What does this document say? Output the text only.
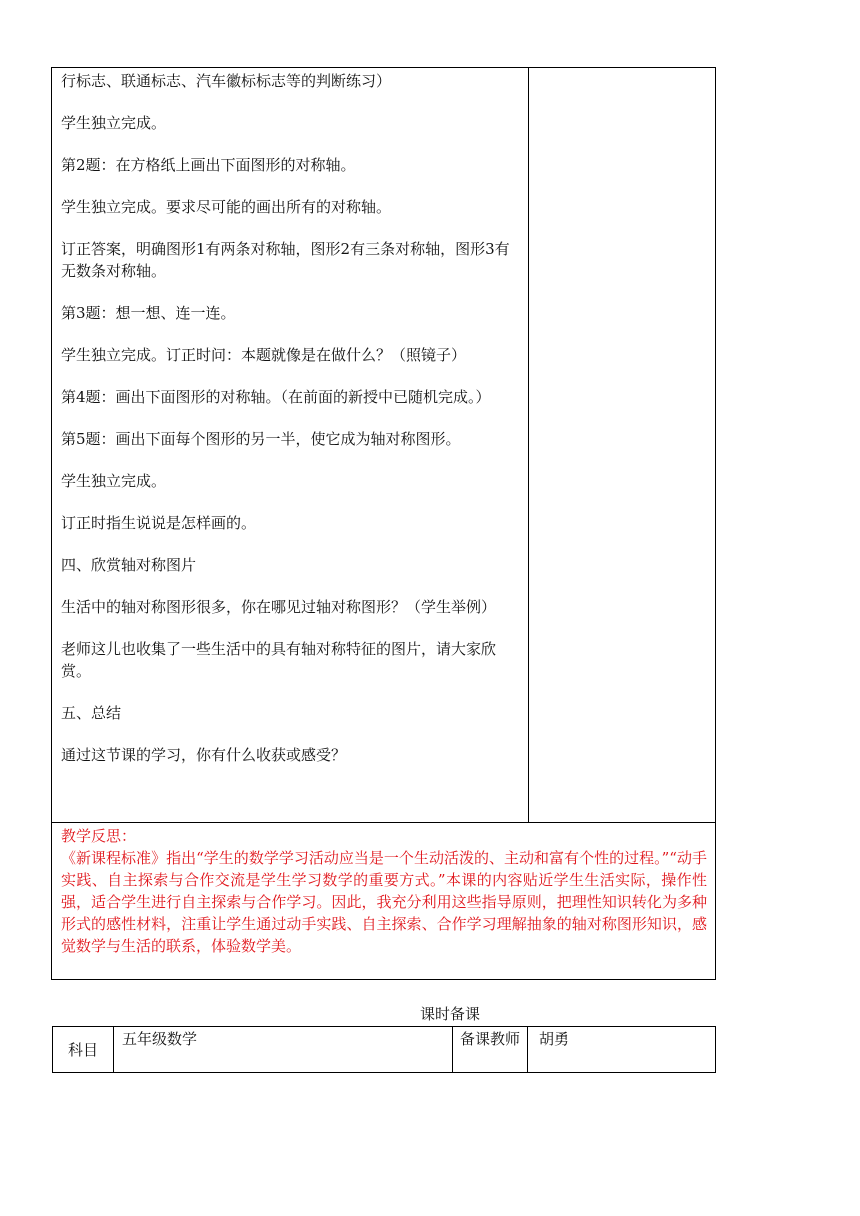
行标志、联通标志、汽车徽标标志等的判断练习）

学生独立完成。

第2题：在方格纸上画出下面图形的对称轴。

学生独立完成。要求尽可能的画出所有的对称轴。

订正答案，明确图形1有两条对称轴，图形2有三条对称轴，图形3有无数条对称轴。

第3题：想一想、连一连。

学生独立完成。订正时问：本题就像是在做什么？（照镜子）

第4题：画出下面图形的对称轴。（在前面的新授中已随机完成。）

第5题：画出下面每个图形的另一半，使它成为轴对称图形。

学生独立完成。

订正时指生说说是怎样画的。

四、欣赏轴对称图片

生活中的轴对称图形很多，你在哪见过轴对称图形？（学生举例）

老师这儿也收集了一些生活中的具有轴对称特征的图片，请大家欣赏。

五、总结

通过这节课的学习，你有什么收获或感受？

教学反思：

《新课程标准》指出“学生的数学学习活动应当是一个生动活泼的、主动和富有个性的过程。”“动手实践、自主探索与合作交流是学生学习数学的重要方式。”本课的内容贴近学生生活实际，操作性强，适合学生进行自主探索与合作学习。因此，我充分利用这些指导原则，把理性知识转化为多种形式的感性材料，注重让学生通过动手实践、自主探索、合作学习理解抽象的轴对称图形知识，感觉数学与生活的联系，体验数学美。

课时备课
科目
五年级数学	备课教师	胡勇
